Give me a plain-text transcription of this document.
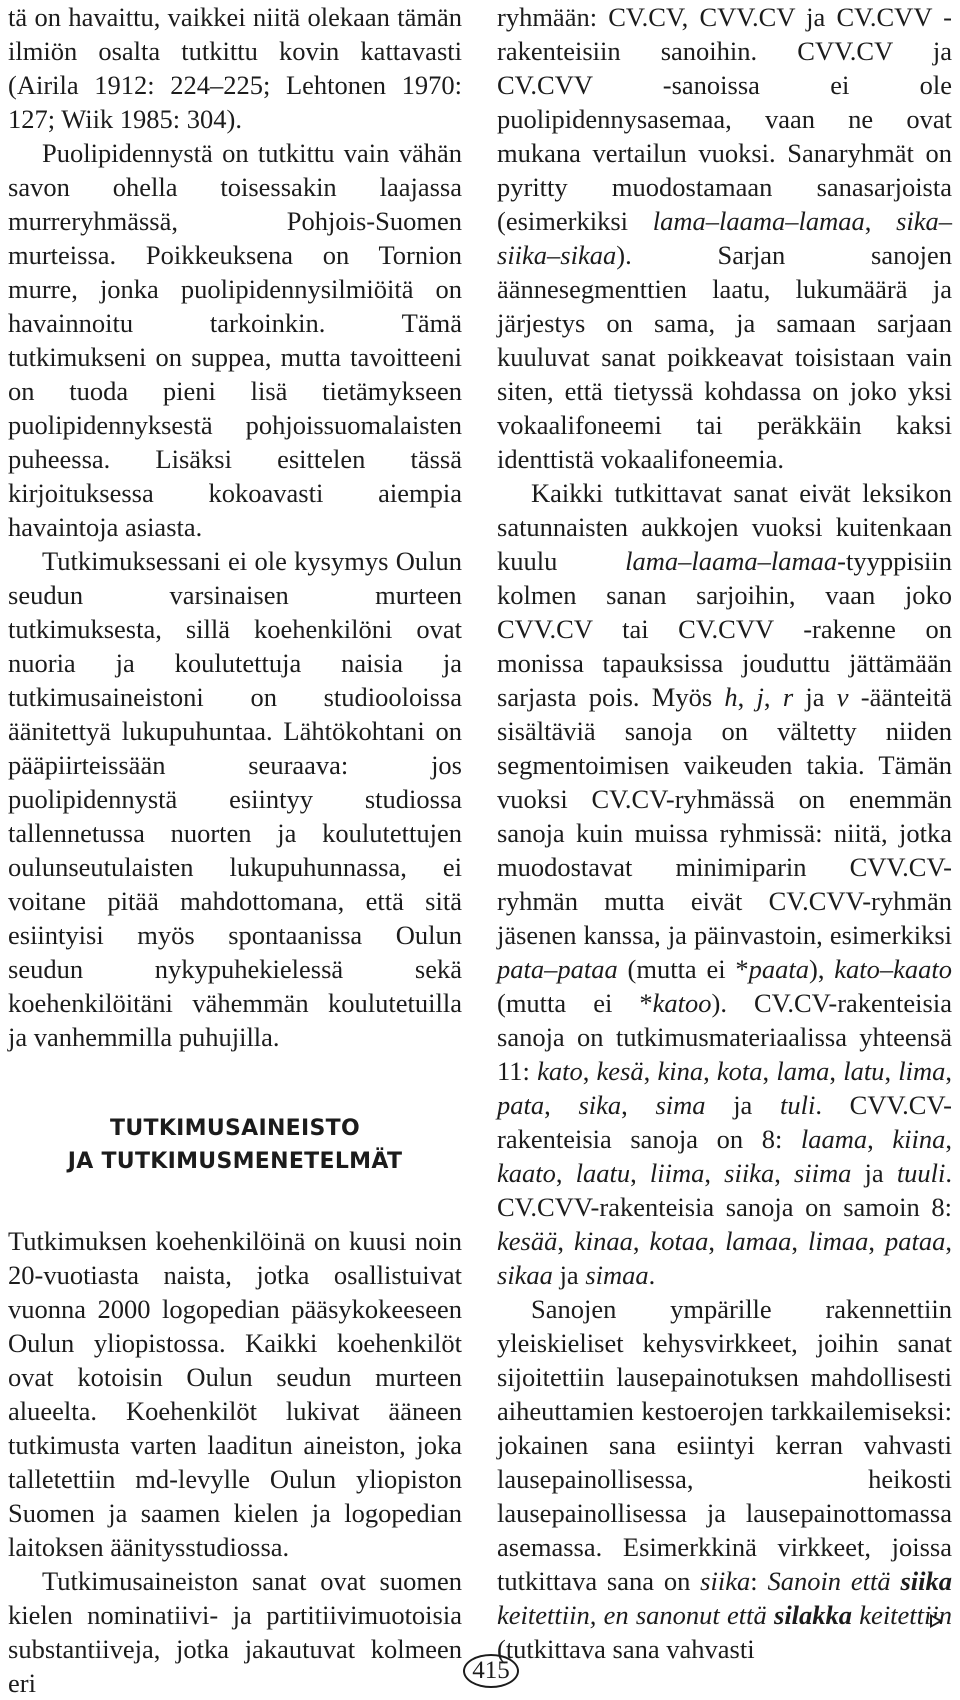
tä on havaittu, vaikkei niitä olekaan tämän ilmiön osalta tutkittu kovin kattavasti (Airila 1912: 224–225; Lehtonen 1970: 127; Wiik 1985: 304).

Puolipidennystä on tutkittu vain vähän savon ohella toisessakin laajassa murreryhmässä, Pohjois-Suomen murteissa. Poikkeuksena on Tornion murre, jonka puolipidennysilmiöitä on havainnoitu tarkoinkin. Tämä tutkimukseni on suppea, mutta tavoitteeni on tuoda pieni lisä tietämykseen puolipidennyksestä pohjoissuomalaisten puheessa. Lisäksi esittelen tässä kirjoituksessa kokoavasti aiempia havaintoja asiasta.

Tutkimuksessani ei ole kysymys Oulun seudun varsinaisen murteen tutkimuksesta, sillä koehenkilöni ovat nuoria ja koulutettuja naisia ja tutkimusaineistoni on studiooloissa äänitettyä lukupuhuntaa. Lähtökohtani on pääpiirteissään seuraava: jos puolipidennystä esiintyy studiossa tallennetussa nuorten ja koulutettujen oulunseutulaisten lukupuhunnassa, ei voitane pitää mahdottomana, että sitä esiintyisi myös spontaanissa Oulun seudun nykypuhekielessä sekä koehenkilöitäni vähemmän koulutetuilla ja vanhemmilla puhujilla.

TUTKIMUSAINEISTO
JA TUTKIMUSMENETELMÄT

Tutkimuksen koehenkilöinä on kuusi noin 20-vuotiasta naista, jotka osallistuivat vuonna 2000 logopedian pääsykokeeseen Oulun yliopistossa. Kaikki koehenkilöt ovat kotoisin Oulun seudun murteen alueelta. Koehenkilöt lukivat ääneen tutkimusta varten laaditun aineiston, joka talletettiin md-levylle Oulun yliopiston Suomen ja saamen kielen ja logopedian laitoksen äänitysstudiossa.

Tutkimusaineiston sanat ovat suomen kielen nominatiivi- ja partitiivimuotoisia substantiiveja, jotka jakautuvat kolmeen eri

ryhmään: CV.CV, CVV.CV ja CV.CVV -rakenteisiin sanoihin. CVV.CV ja CV.CVV -sanoissa ei ole puolipidennysasemaa, vaan ne ovat mukana vertailun vuoksi. Sanaryhmät on pyritty muodostamaan sanasarjoista (esimerkiksi lama–laama–lamaa, sika–siika–sikaa). Sarjan sanojen äännesegmenttien laatu, lukumäärä ja järjestys on sama, ja samaan sarjaan kuuluvat sanat poikkeavat toisistaan vain siten, että tietyssä kohdassa on joko yksi vokaalifoneemi tai peräkkäin kaksi identtistä vokaalifoneemia.

Kaikki tutkittavat sanat eivät leksikon satunnaisten aukkojen vuoksi kuitenkaan kuulu lama–laama–lamaa-tyyppisiin kolmen sanan sarjoihin, vaan joko CVV.CV tai CV.CVV -rakenne on monissa tapauksissa jouduttu jättämään sarjasta pois. Myös h, j, r ja v -äänteitä sisältäviä sanoja on vältetty niiden segmentoimisen vaikeuden takia. Tämän vuoksi CV.CV-ryhmässä on enemmän sanoja kuin muissa ryhmissä: niitä, jotka muodostavat minimiparin CVV.CV-ryhmän mutta eivät CV.CVV-ryhmän jäsenen kanssa, ja päinvastoin, esimerkiksi pata–pataa (mutta ei *paata), kato–kaato (mutta ei *katoo). CV.CV-rakenteisia sanoja on tutkimusmateriaalissa yhteensä 11: kato, kesä, kina, kota, lama, latu, lima, pata, sika, sima ja tuli. CVV.CV-rakenteisia sanoja on 8: laama, kiina, kaato, laatu, liima, siika, siima ja tuuli. CV.CVV-rakenteisia sanoja on samoin 8: kesää, kinaa, kotaa, lamaa, limaa, pataa, sikaa ja simaa.

Sanojen ympärille rakennettiin yleiskieliset kehysvirkkeet, joihin sanat sijoitettiin lausepainotuksen mahdollisesti aiheuttamien kestoerojen tarkkailemiseksi: jokainen sana esiintyi kerran vahvasti lausepainollisessa, heikosti lausepainollisessa ja lausepainottomassa asemassa. Esimerkkinä virkkeet, joissa tutkittava sana on siika: Sanoin että siika keitettiin, en sanonut että silakka keitettiin (tutkittava sana vahvasti

415
